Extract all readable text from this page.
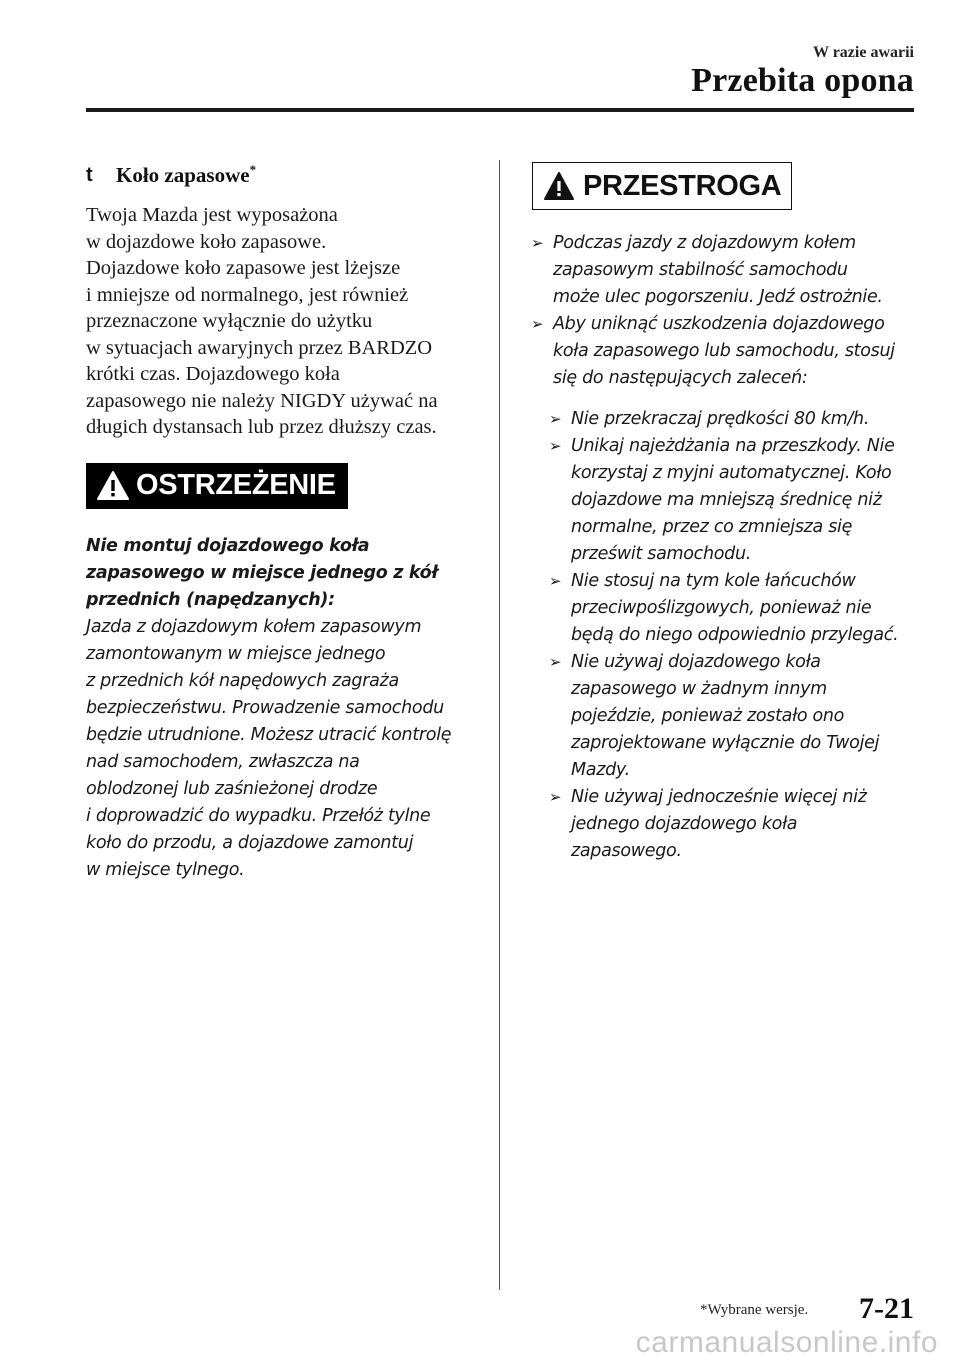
W razie awarii
Przebita opona
t Koło zapasowe*

Twoja Mazda jest wyposażona

w dojazdowe koło zapasowe.

Dojazdowe koło zapasowe jest lżejsze

i mniejsze od normalnego, jest również

przeznaczone wyłącznie do użytku

w sytuacjach awaryjnych przez BARDZO

krótki czas. Dojazdowego koła

zapasowego nie należy NIGDY używać na

długich dystansach lub przez dłuższy czas.

OSTRZEŻENIE

Nie montuj dojazdowego koła

zapasowego w miejsce jednego z kół

przednich (napędzanych):

Jazda z dojazdowym kołem zapasowym

zamontowanym w miejsce jednego

z przednich kół napędowych zagraża

bezpieczeństwu. Prowadzenie samochodu

będzie utrudnione. Możesz utracić kontrolę

nad samochodem, zwłaszcza na

oblodzonej lub zaśnieżonej drodze

i doprowadzić do wypadku. Przełóż tylne

koło do przodu, a dojazdowe zamontuj

w miejsce tylnego.

PRZESTROGA
➢ Podczas jazdy z dojazdowym kołem

zapasowym stabilność samochodu

może ulec pogorszeniu. Jedź ostrożnie.

➢ Aby uniknąć uszkodzenia dojazdowego

koła zapasowego lub samochodu, stosuj

się do następujących zaleceń:

➢ Nie przekraczaj prędkości 80 km/h.

➢ Unikaj najeżdżania na przeszkody. Nie

korzystaj z myjni automatycznej. Koło

dojazdowe ma mniejszą średnicę niż

normalne, przez co zmniejsza się

prześwit samochodu.

➢ Nie stosuj na tym kole łańcuchów

przeciwpoślizgowych, ponieważ nie

będą do niego odpowiednio przylegać.

➢ Nie używaj dojazdowego koła

zapasowego w żadnym innym

pojeździe, ponieważ zostało ono

zaprojektowane wyłącznie do Twojej

Mazdy.

➢ Nie używaj jednocześnie więcej niż

jednego dojazdowego koła

zapasowego.

*Wybrane wersje. 7-21
carmanualsonline.info
